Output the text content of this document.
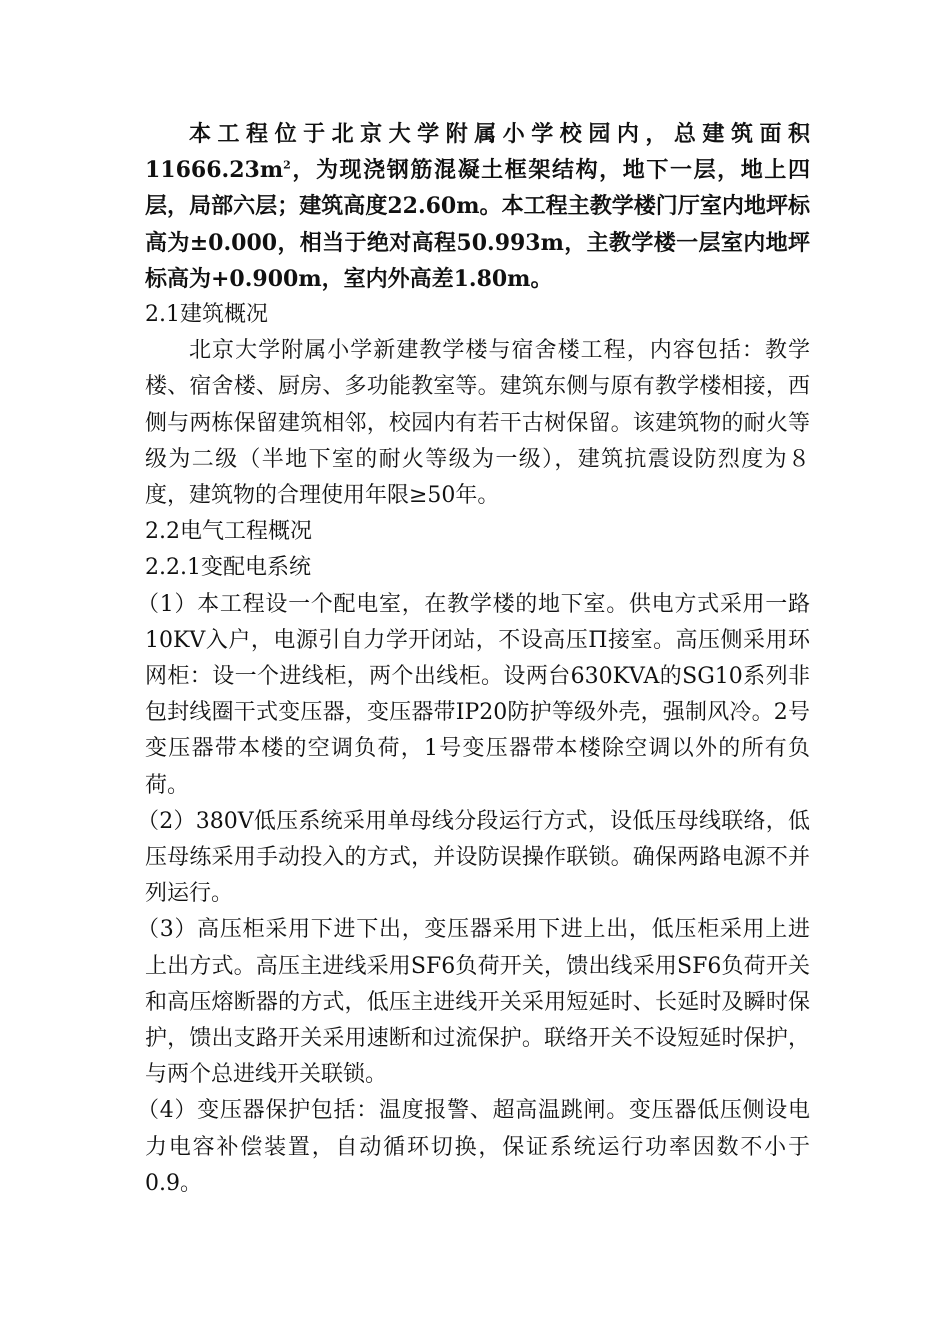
本工程位于北京大学附属小学校园内，总建筑面积$11666.23m^2$，为现浇钢筋混凝土框架结构，地下一层，地上四层，局部六层；建筑高度22.60m。本工程主教学楼门厅室内地坪标高为±0.000，相当于绝对高程50.993m，主教学楼一层室内地坪标高为+0.900m，室内外高差1.80m。

2.1建筑概况

北京大学附属小学新建教学楼与宿舍楼工程，内容包括：教学楼、宿舍楼、厨房、多功能教室等。建筑东侧与原有教学楼相接，西侧与两栋保留建筑相邻，校园内有若干古树保留。该建筑物的耐火等级为二级（半地下室的耐火等级为一级），建筑抗震设防烈度为８度，建筑物的合理使用年限≥50年。

2.2电气工程概况
2.2.1变配电系统

（1）本工程设一个配电室，在教学楼的地下室。供电方式采用一路10KV入户，电源引自力学开闭站，不设高压Π接室。高压侧采用环网柜：设一个进线柜，两个出线柜。设两台630KVA的SG10系列非包封线圈干式变压器，变压器带IP20防护等级外壳，强制风冷。2号变压器带本楼的空调负荷，1号变压器带本楼除空调以外的所有负荷。

（2）380V低压系统采用单母线分段运行方式，设低压母线联络，低压母练采用手动投入的方式，并设防误操作联锁。确保两路电源不并列运行。

（3）高压柜采用下进下出，变压器采用下进上出，低压柜采用上进上出方式。高压主进线采用SF6负荷开关，馈出线采用SF6负荷开关和高压熔断器的方式，低压主进线开关采用短延时、长延时及瞬时保护，馈出支路开关采用速断和过流保护。联络开关不设短延时保护，与两个总进线开关联锁。

（4）变压器保护包括：温度报警、超高温跳闸。变压器低压侧设电力电容补偿装置，自动循环切换，保证系统运行功率因数不小于0.9。
